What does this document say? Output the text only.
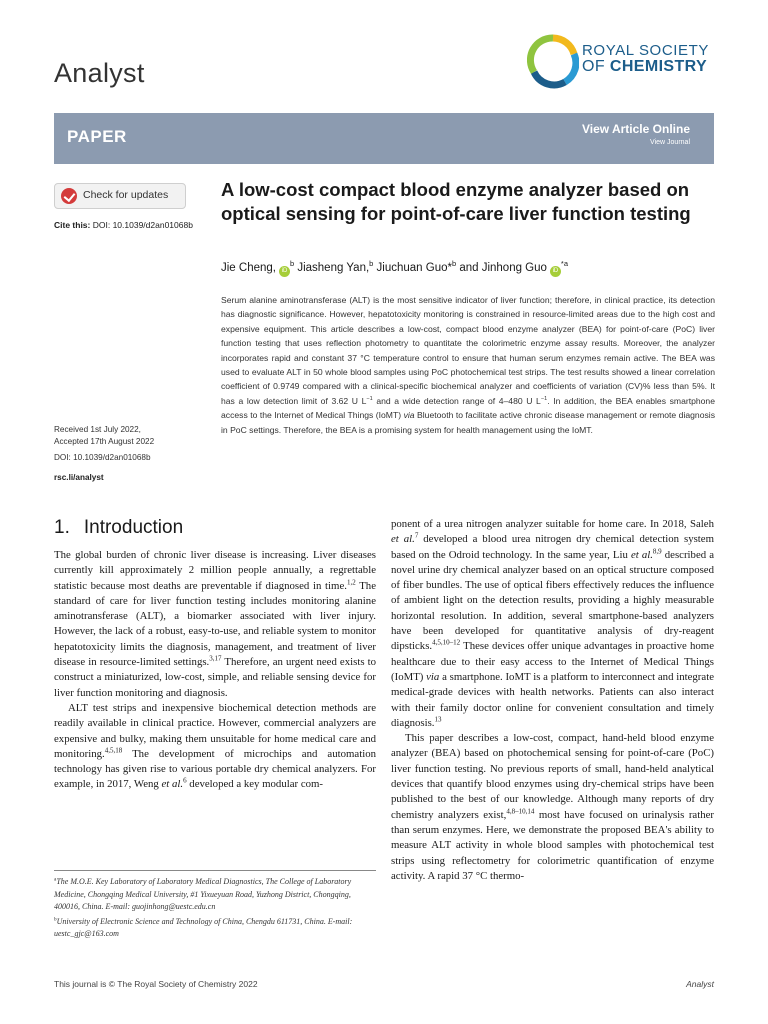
Analyst
ROYAL SOCIETY
OF CHEMISTRY
PAPER	View Article Online
View Journal
Check for updates
Cite this: DOI: 10.1039/d2an01068b
A low-cost compact blood enzyme analyzer based on optical sensing for point-of-care liver function testing
Jie Cheng, $iD^b$ Jiasheng Yan,$^b$ Jiuchuan Guo*$^b$ and Jinhong Guo $iD^{*a}$
Serum alanine aminotransferase (ALT) is the most sensitive indicator of liver function; therefore, in clinical practice, its detection has diagnostic significance. However, hepatotoxicity monitoring is constrained in resource-limited areas due to the high cost and expensive equipment. This article describes a low-cost, compact blood enzyme analyzer (BEA) for point-of-care (PoC) liver function testing that uses reflection photometry to quantitate the colorimetric enzyme assay results. Moreover, the analyzer incorporates rapid and constant 37 °C temperature control to ensure that human serum enzymes remain active. The BEA was used to evaluate ALT in 50 whole blood samples using PoC photochemical test strips. The test results showed a linear correlation coefficient of 0.9749 compared with a clinical-specific biochemical analyzer and coefficients of variation (CV)% less than 5%. It has a low detection limit of 3.62 U $L^{-1}$ and a wide detection range of 4–480 U $L^{-1}$. In addition, the BEA enables smartphone access to the Internet of Medical Things (IoMT) via Bluetooth to facilitate active chronic disease management or remote diagnosis in PoC settings. Therefore, the BEA is a promising system for health management using the IoMT.
Received 1st July 2022,
Accepted 17th August 2022
DOI: 10.1039/d2an01068b
rsc.li/analyst
1. Introduction

The global burden of chronic liver disease is increasing. Liver diseases currently kill approximately 2 million people annually, a regrettable statistic because most deaths are preventable if diagnosed in time.$^{1,2}$ The standard of care for liver function testing includes monitoring alanine aminotransferase (ALT), a biomarker associated with liver injury. However, the lack of a robust, easy-to-use, and reliable system to monitor hepatotoxicity limits the diagnosis, management, and treatment of liver disease in resource-limited settings.$^{3,17}$ Therefore, an urgent need exists to construct a miniaturized, low-cost, simple, and reliable sensing device for liver function monitoring and diagnosis.

ALT test strips and inexpensive biochemical detection methods are readily available in clinical practice. However, commercial analyzers are expensive and bulky, making them unsuitable for home medical care and monitoring.$^{4,5,18}$ The development of microchips and automation technology has given rise to various portable dry chemical analyzers. For example, in 2017, Weng et al.$^6$ developed a key modular com-

ponent of a urea nitrogen analyzer suitable for home care. In 2018, Saleh et al.$^7$ developed a blood urea nitrogen dry chemical detection system based on the Odroid technology. In the same year, Liu et al.$^{8,9}$ described a novel urine dry chemical analyzer based on an optical structure composed of fiber bundles. The use of optical fibers effectively reduces the influence of ambient light on the detection results, providing a highly measurable horizontal resolution. In addition, several smartphone-based analyzers have been developed for quantitative analysis of dry-reagent dipsticks.$^{4,5,10-12}$ These devices offer unique advantages in proactive home healthcare due to their easy access to the Internet of Medical Things (IoMT) via a smartphone. IoMT is a platform to interconnect and integrate medical-grade devices with health networks. Patients can also interact with their family doctor online for convenient consultation and timely diagnosis.$^{13}$

This paper describes a low-cost, compact, hand-held blood enzyme analyzer (BEA) based on photochemical sensing for point-of-care (PoC) liver function testing. No previous reports of small, hand-held analytical devices that quantify blood enzymes using dry-chemical strips have been published to the best of our knowledge. Although many reports of dry chemistry analyzers exist,$^{4,8-10,14}$ most have focused on urinalysis rather than serum enzymes. Here, we demonstrate the proposed BEA's ability to measure ALT activity in whole blood samples with photochemical test strips using reflectometry for colorimetric quantification of enzyme activity. A rapid 37 °C thermo-

$^a$The M.O.E. Key Laboratory of Laboratory Medical Diagnostics, The College of Laboratory Medicine, Chongqing Medical University, #1 Yixueyuan Road, Yuzhong District, Chongqing, 400016, China. E-mail: guojinhong@uestc.edu.cn

$^b$University of Electronic Science and Technology of China, Chengdu 611731, China. E-mail: uestc_gjc@163.com

This journal is © The Royal Society of Chemistry 2022	Analyst
